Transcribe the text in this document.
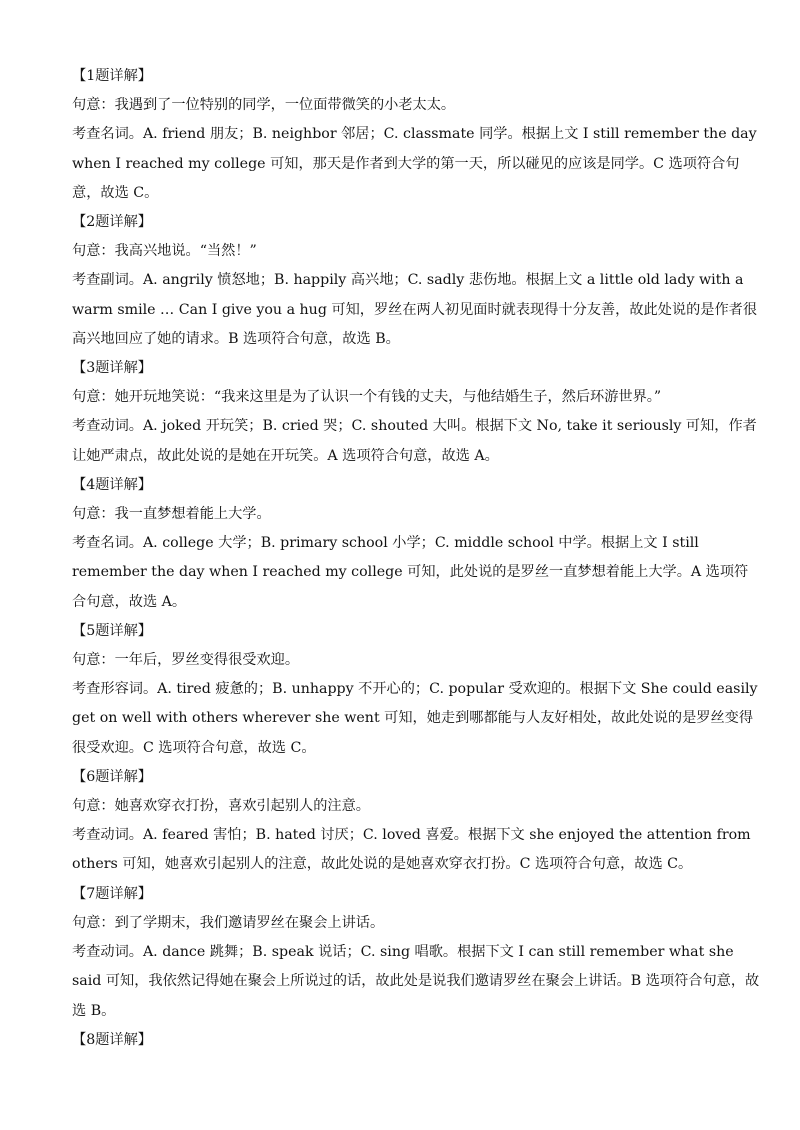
【1题详解】

句意：我遇到了一位特别的同学，一位面带微笑的小老太太。

考查名词。A. friend 朋友；B. neighbor 邻居；C. classmate 同学。根据上文 I still remember the day when I reached my college 可知，那天是作者到大学的第一天，所以碰见的应该是同学。C 选项符合句意，故选 C。

【2题详解】

句意：我高兴地说。“当然！”

考查副词。A. angrily 愤怒地；B. happily 高兴地；C. sadly 悲伤地。根据上文 a little old lady with a warm smile … Can I give you a hug 可知，罗丝在两人初见面时就表现得十分友善，故此处说的是作者很高兴地回应了她的请求。B 选项符合句意，故选 B。

【3题详解】

句意：她开玩地笑说：“我来这里是为了认识一个有钱的丈夫，与他结婚生子，然后环游世界。”

考查动词。A. joked 开玩笑；B. cried 哭；C. shouted 大叫。根据下文 No, take it seriously 可知，作者让她严肃点，故此处说的是她在开玩笑。A 选项符合句意，故选 A。

【4题详解】

句意：我一直梦想着能上大学。

考查名词。A. college 大学；B. primary school 小学；C. middle school 中学。根据上文 I still remember the day when I reached my college 可知，此处说的是罗丝一直梦想着能上大学。A 选项符合句意，故选 A。

【5题详解】

句意：一年后，罗丝变得很受欢迎。

考查形容词。A. tired 疲惫的；B. unhappy 不开心的；C. popular 受欢迎的。根据下文 She could easily get on well with others wherever she went 可知，她走到哪都能与人友好相处，故此处说的是罗丝变得很受欢迎。C 选项符合句意，故选 C。

【6题详解】

句意：她喜欢穿衣打扮，喜欢引起别人的注意。

考查动词。A. feared 害怕；B. hated 讨厌；C. loved 喜爱。根据下文 she enjoyed the attention from others 可知，她喜欢引起别人的注意，故此处说的是她喜欢穿衣打扮。C 选项符合句意，故选 C。

【7题详解】

句意：到了学期末，我们邀请罗丝在聚会上讲话。

考查动词。A. dance 跳舞；B. speak 说话；C. sing 唱歌。根据下文 I can still remember what she said 可知，我依然记得她在聚会上所说过的话，故此处是说我们邀请罗丝在聚会上讲话。B 选项符合句意，故选 B。

【8题详解】
